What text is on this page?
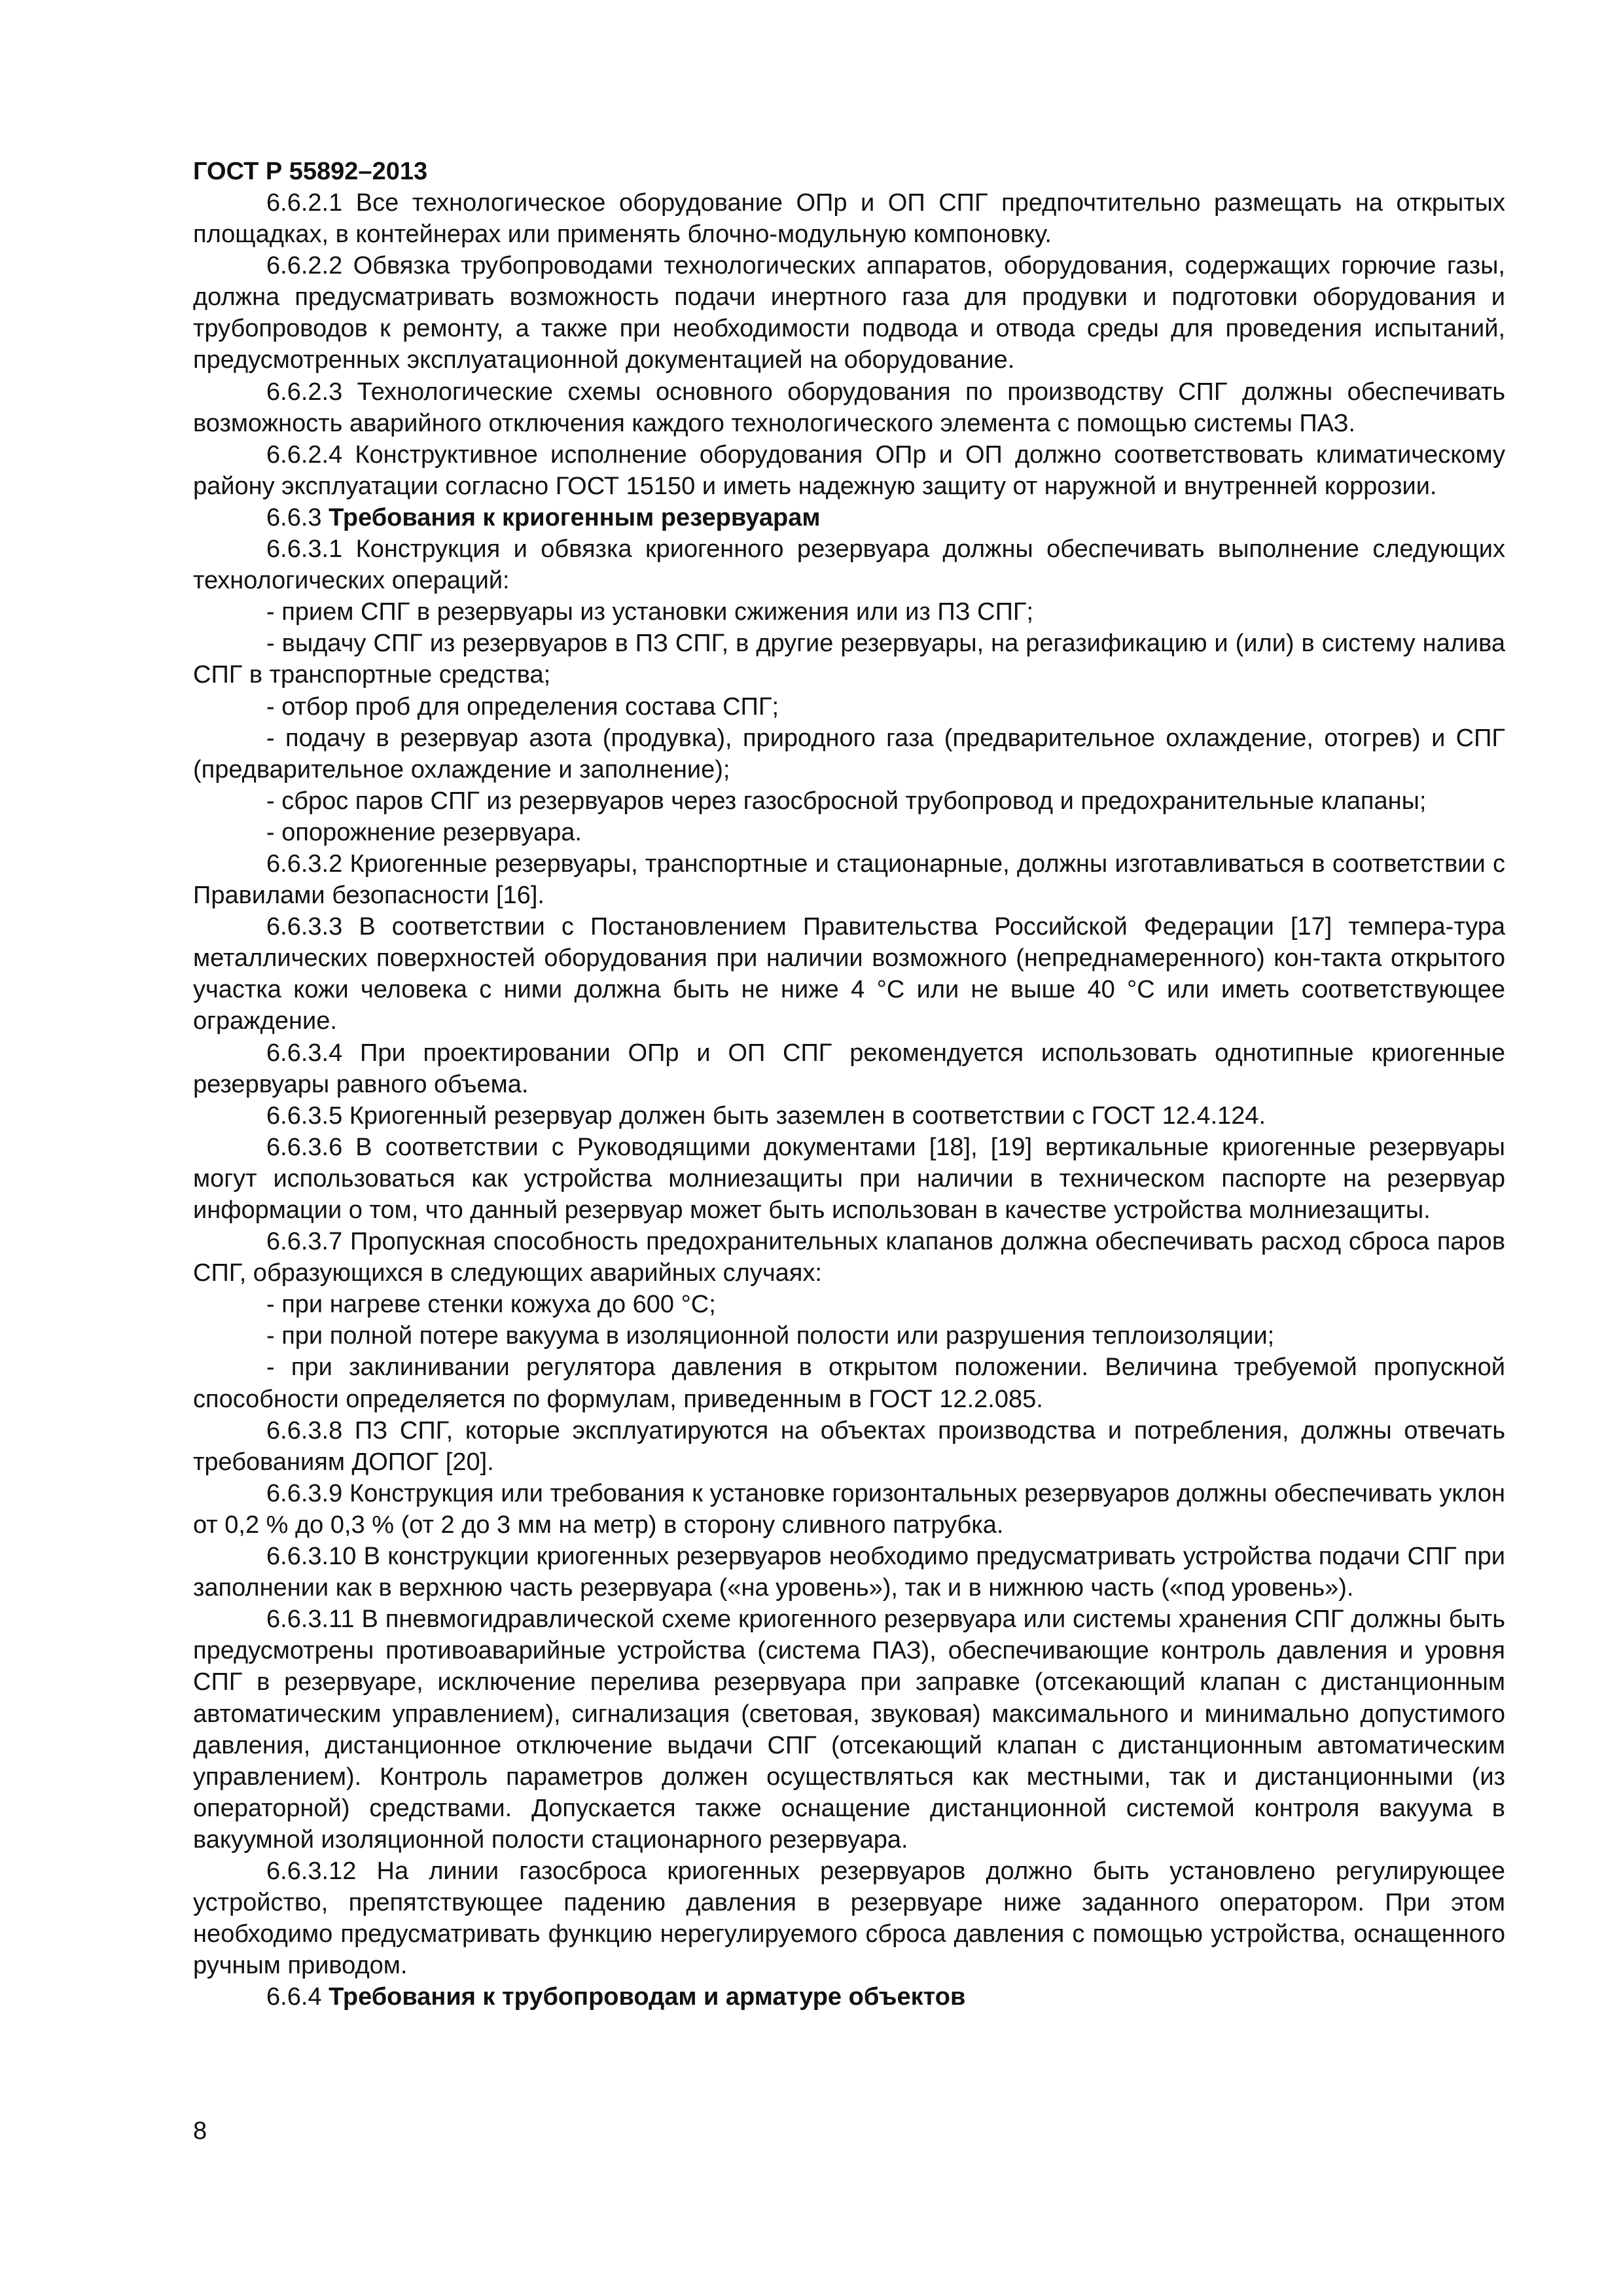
ГОСТ Р 55892–2013

6.6.2.1 Все технологическое оборудование ОПр и ОП СПГ предпочтительно размещать на открытых площадках, в контейнерах или применять блочно-модульную компоновку.

6.6.2.2 Обвязка трубопроводами технологических аппаратов, оборудования, содержащих горючие газы, должна предусматривать возможность подачи инертного газа для продувки и подготовки оборудования и трубопроводов к ремонту, а также при необходимости подвода и отвода среды для проведения испытаний, предусмотренных эксплуатационной документацией на оборудование.

6.6.2.3 Технологические схемы основного оборудования по производству СПГ должны обеспечивать возможность аварийного отключения каждого технологического элемента с помощью системы ПАЗ.

6.6.2.4 Конструктивное исполнение оборудования ОПр и ОП должно соответствовать климатическому району эксплуатации согласно ГОСТ 15150 и иметь надежную защиту от наружной и внутренней коррозии.

6.6.3 Требования к криогенным резервуарам

6.6.3.1 Конструкция и обвязка криогенного резервуара должны обеспечивать выполнение следующих технологических операций:

- прием СПГ в резервуары из установки сжижения или из ПЗ СПГ;

- выдачу СПГ из резервуаров в ПЗ СПГ, в другие резервуары, на регазификацию и (или) в систему налива СПГ в транспортные средства;

- отбор проб для определения состава СПГ;

- подачу в резервуар азота (продувка), природного газа (предварительное охлаждение, отогрев) и СПГ (предварительное охлаждение и заполнение);

- сброс паров СПГ из резервуаров через газосбросной трубопровод и предохранительные клапаны;

- опорожнение резервуара.

6.6.3.2 Криогенные резервуары, транспортные и стационарные, должны изготавливаться в соответствии с Правилами безопасности [16].

6.6.3.3 В соответствии с Постановлением Правительства Российской Федерации [17] темпера-тура металлических поверхностей оборудования при наличии возможного (непреднамеренного) кон-такта открытого участка кожи человека с ними должна быть не ниже 4 °С или не выше 40 °С или иметь соответствующее ограждение.

6.6.3.4 При проектировании ОПр и ОП СПГ рекомендуется использовать однотипные криогенные резервуары равного объема.

6.6.3.5 Криогенный резервуар должен быть заземлен в соответствии с ГОСТ 12.4.124.

6.6.3.6 В соответствии с Руководящими документами [18], [19] вертикальные криогенные резервуары могут использоваться как устройства молниезащиты при наличии в техническом паспорте на резервуар информации о том, что данный резервуар может быть использован в качестве устройства молниезащиты.

6.6.3.7 Пропускная способность предохранительных клапанов должна обеспечивать расход сброса паров СПГ, образующихся в следующих аварийных случаях:

- при нагреве стенки кожуха до 600 °С;

- при полной потере вакуума в изоляционной полости или разрушения теплоизоляции;

- при заклинивании регулятора давления в открытом положении. Величина требуемой пропускной способности определяется по формулам, приведенным в ГОСТ 12.2.085.

6.6.3.8 ПЗ СПГ, которые эксплуатируются на объектах производства и потребления, должны отвечать требованиям ДОПОГ [20].

6.6.3.9 Конструкция или требования к установке горизонтальных резервуаров должны обеспечивать уклон от 0,2 % до 0,3 % (от 2 до 3 мм на метр) в сторону сливного патрубка.

6.6.3.10 В конструкции криогенных резервуаров необходимо предусматривать устройства подачи СПГ при заполнении как в верхнюю часть резервуара («на уровень»), так и в нижнюю часть («под уровень»).

6.6.3.11 В пневмогидравлической схеме криогенного резервуара или системы хранения СПГ должны быть предусмотрены противоаварийные устройства (система ПАЗ), обеспечивающие контроль давления и уровня СПГ в резервуаре, исключение перелива резервуара при заправке (отсекающий клапан с дистанционным автоматическим управлением), сигнализация (световая, звуковая) максимального и минимально допустимого давления, дистанционное отключение выдачи СПГ (отсекающий клапан с дистанционным автоматическим управлением). Контроль параметров должен осуществляться как местными, так и дистанционными (из операторной) средствами. Допускается также оснащение дистанционной системой контроля вакуума в вакуумной изоляционной полости стационарного резервуара.

6.6.3.12 На линии газосброса криогенных резервуаров должно быть установлено регулирующее устройство, препятствующее падению давления в резервуаре ниже заданного оператором. При этом необходимо предусматривать функцию нерегулируемого сброса давления с помощью устройства, оснащенного ручным приводом.

6.6.4 Требования к трубопроводам и арматуре объектов

8
